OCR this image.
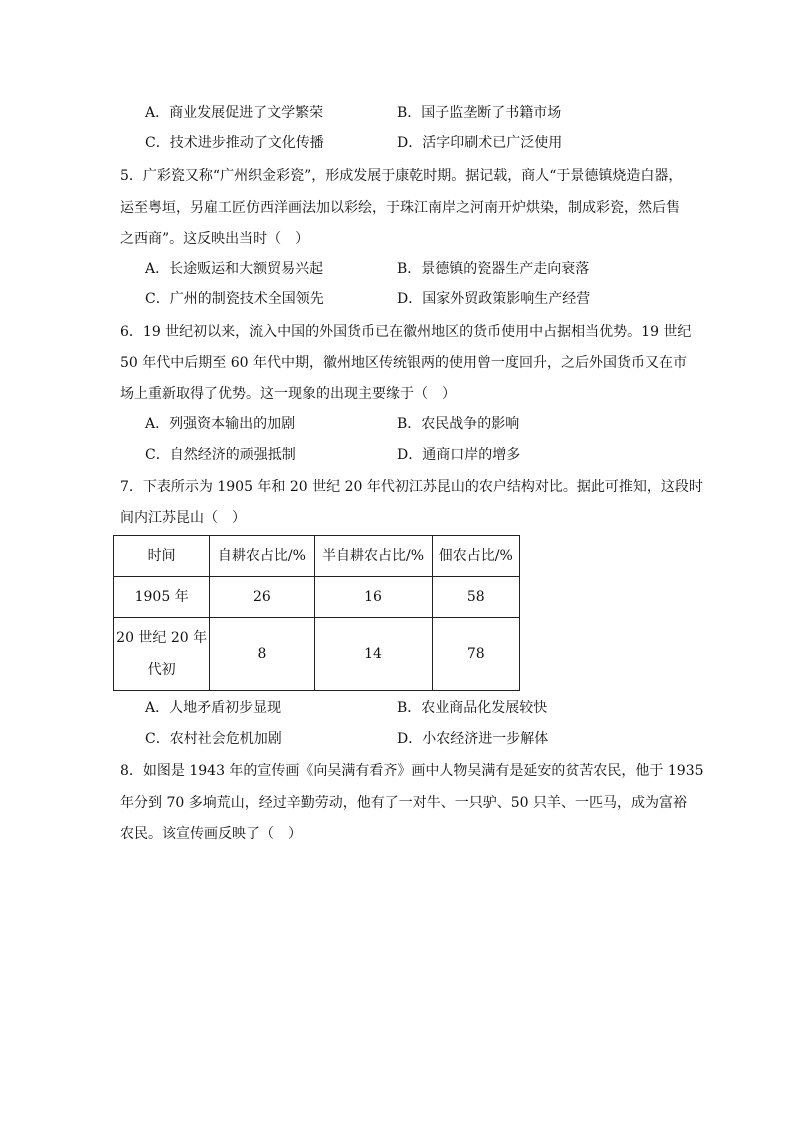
A．商业发展促进了文学繁荣	B．国子监垄断了书籍市场
C．技术进步推动了文化传播	D．活字印刷术已广泛使用
5．广彩瓷又称“广州织金彩瓷”，形成发展于康乾时期。据记载，商人“于景德镇烧造白器，
运至粤垣，另雇工匠仿西洋画法加以彩绘，于珠江南岸之河南开炉烘染，制成彩瓷，然后售
之西商”。这反映出当时（　）
A．长途贩运和大额贸易兴起	B．景德镇的瓷器生产走向衰落
C．广州的制瓷技术全国领先	D．国家外贸政策影响生产经营
6．19 世纪初以来，流入中国的外国货币已在徽州地区的货币使用中占据相当优势。19 世纪
50 年代中后期至 60 年代中期，徽州地区传统银两的使用曾一度回升，之后外国货币又在市
场上重新取得了优势。这一现象的出现主要缘于（　）
A．列强资本输出的加剧	B．农民战争的影响
C．自然经济的顽强抵制	D．通商口岸的增多
7．下表所示为 1905 年和 20 世纪 20 年代初江苏昆山的农户结构对比。据此可推知，这段时
间内江苏昆山（　）
时间	自耕农占比/%	半自耕农占比/%	佃农占比/%
1905 年	26	16	58

20 世纪 20 年
代初	8	14	78
A．人地矛盾初步显现	B．农业商品化发展较快
C．农村社会危机加剧	D．小农经济进一步解体
8．如图是 1943 年的宣传画《向吴满有看齐》画中人物吴满有是延安的贫苦农民，他于 1935
年分到 70 多垧荒山，经过辛勤劳动，他有了一对牛、一只驴、50 只羊、一匹马，成为富裕
农民。该宣传画反映了（　）
